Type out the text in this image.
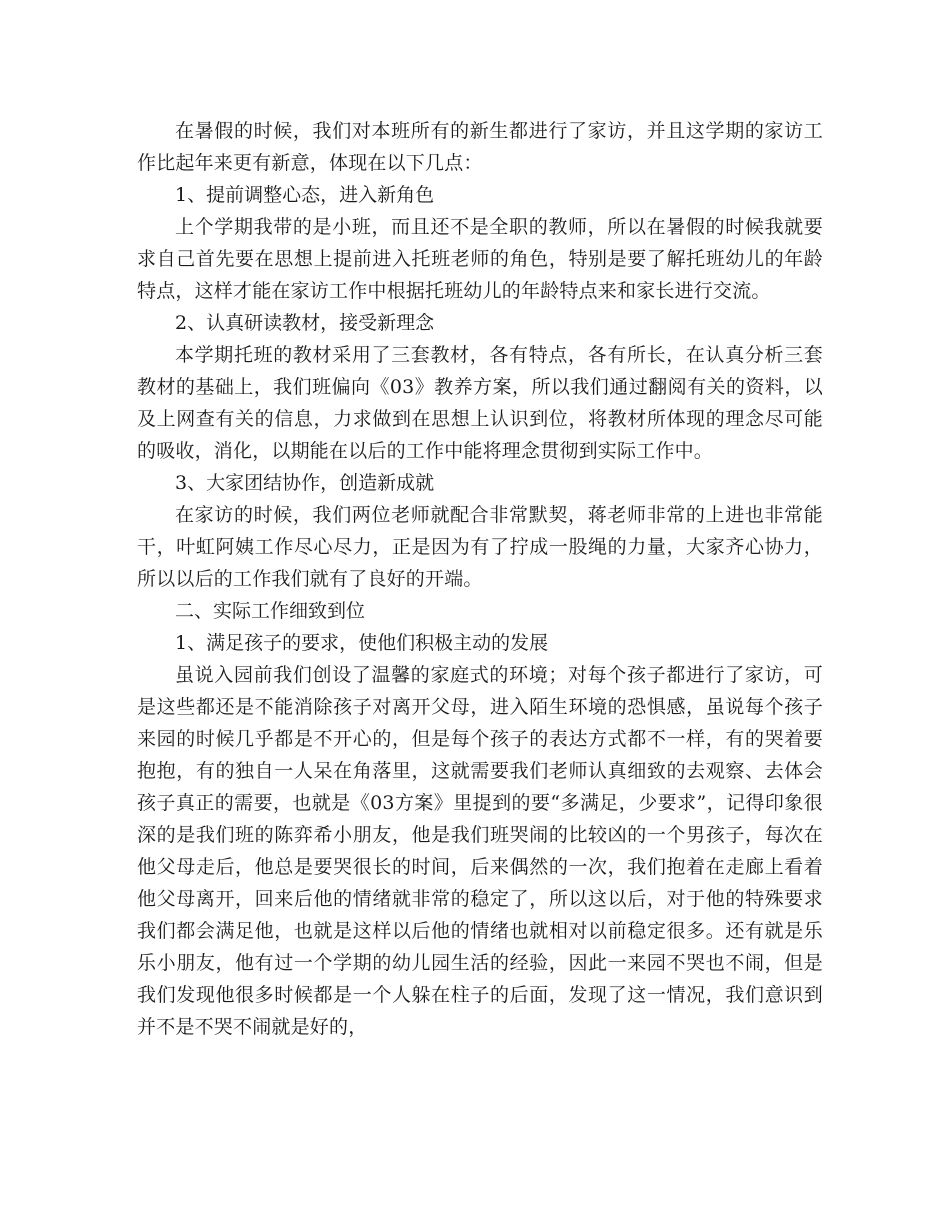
在暑假的时候，我们对本班所有的新生都进行了家访，并且这学期的家访工作比起年来更有新意，体现在以下几点：

1、提前调整心态，进入新角色

上个学期我带的是小班，而且还不是全职的教师，所以在暑假的时候我就要求自己首先要在思想上提前进入托班老师的角色，特别是要了解托班幼儿的年龄特点，这样才能在家访工作中根据托班幼儿的年龄特点来和家长进行交流。

2、认真研读教材，接受新理念

本学期托班的教材采用了三套教材，各有特点，各有所长，在认真分析三套教材的基础上，我们班偏向《03》教养方案，所以我们通过翻阅有关的资料，以及上网查有关的信息，力求做到在思想上认识到位，将教材所体现的理念尽可能的吸收，消化，以期能在以后的工作中能将理念贯彻到实际工作中。

3、大家团结协作，创造新成就

在家访的时候，我们两位老师就配合非常默契，蒋老师非常的上进也非常能干，叶虹阿姨工作尽心尽力，正是因为有了拧成一股绳的力量，大家齐心协力，所以以后的工作我们就有了良好的开端。

二、实际工作细致到位

1、满足孩子的要求，使他们积极主动的发展

虽说入园前我们创设了温馨的家庭式的环境；对每个孩子都进行了家访，可是这些都还是不能消除孩子对离开父母，进入陌生环境的恐惧感，虽说每个孩子来园的时候几乎都是不开心的，但是每个孩子的表达方式都不一样，有的哭着要抱抱，有的独自一人呆在角落里，这就需要我们老师认真细致的去观察、去体会孩子真正的需要，也就是《03方案》里提到的要“多满足，少要求”，记得印象很深的是我们班的陈弈希小朋友，他是我们班哭闹的比较凶的一个男孩子，每次在他父母走后，他总是要哭很长的时间，后来偶然的一次，我们抱着在走廊上看着他父母离开，回来后他的情绪就非常的稳定了，所以这以后，对于他的特殊要求我们都会满足他，也就是这样以后他的情绪也就相对以前稳定很多。还有就是乐乐小朋友，他有过一个学期的幼儿园生活的经验，因此一来园不哭也不闹，但是我们发现他很多时候都是一个人躲在柱子的后面，发现了这一情况，我们意识到并不是不哭不闹就是好的，
